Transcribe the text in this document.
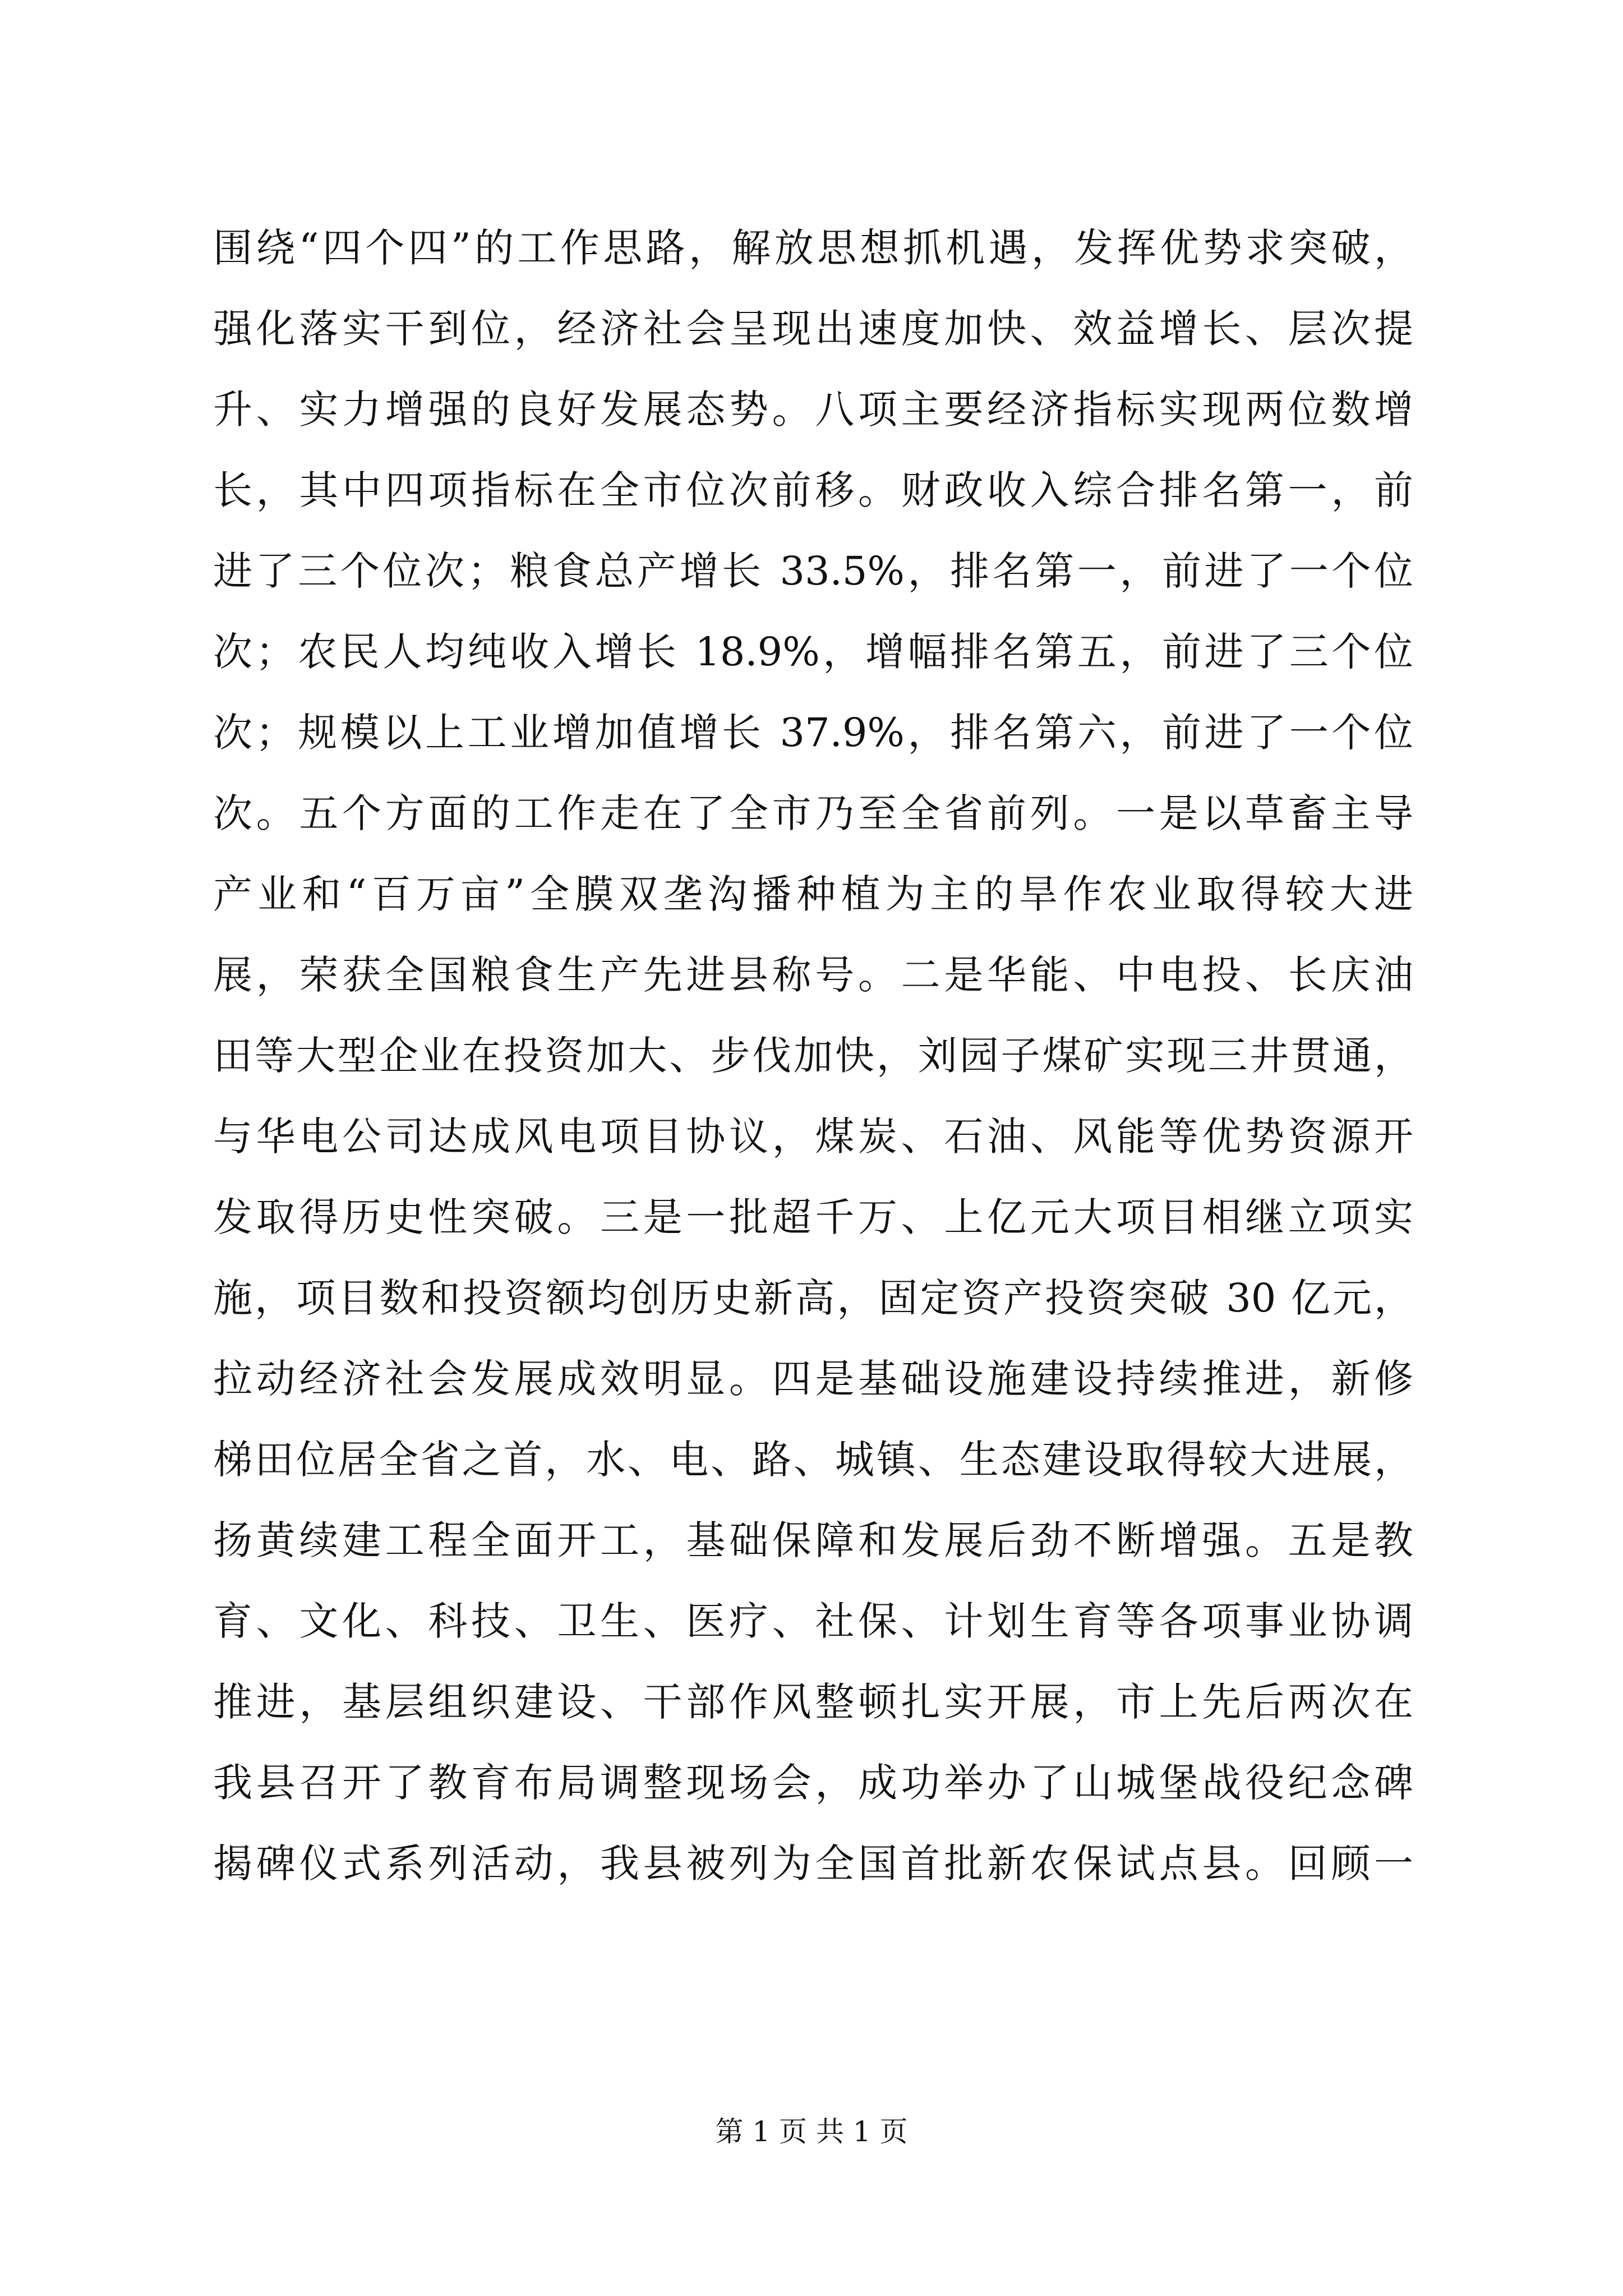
围绕“四个四”的工作思路，解放思想抓机遇，发挥优势求突破，
强化落实干到位，经济社会呈现出速度加快、效益增长、层次提
升、实力增强的良好发展态势。八项主要经济指标实现两位数增
长，其中四项指标在全市位次前移。财政收入综合排名第一，前
进了三个位次；粮食总产增长 33.5%，排名第一，前进了一个位
次；农民人均纯收入增长 18.9%，增幅排名第五，前进了三个位
次；规模以上工业增加值增长 37.9%，排名第六，前进了一个位
次。五个方面的工作走在了全市乃至全省前列。一是以草畜主导
产业和“百万亩”全膜双垄沟播种植为主的旱作农业取得较大进
展，荣获全国粮食生产先进县称号。二是华能、中电投、长庆油
田等大型企业在投资加大、步伐加快，刘园子煤矿实现三井贯通，
与华电公司达成风电项目协议，煤炭、石油、风能等优势资源开
发取得历史性突破。三是一批超千万、上亿元大项目相继立项实
施，项目数和投资额均创历史新高，固定资产投资突破 30 亿元，
拉动经济社会发展成效明显。四是基础设施建设持续推进，新修
梯田位居全省之首，水、电、路、城镇、生态建设取得较大进展，
扬黄续建工程全面开工，基础保障和发展后劲不断增强。五是教
育、文化、科技、卫生、医疗、社保、计划生育等各项事业协调
推进，基层组织建设、干部作风整顿扎实开展，市上先后两次在
我县召开了教育布局调整现场会，成功举办了山城堡战役纪念碑
揭碑仪式系列活动，我县被列为全国首批新农保试点县。回顾一
第 1 页 共 1 页
